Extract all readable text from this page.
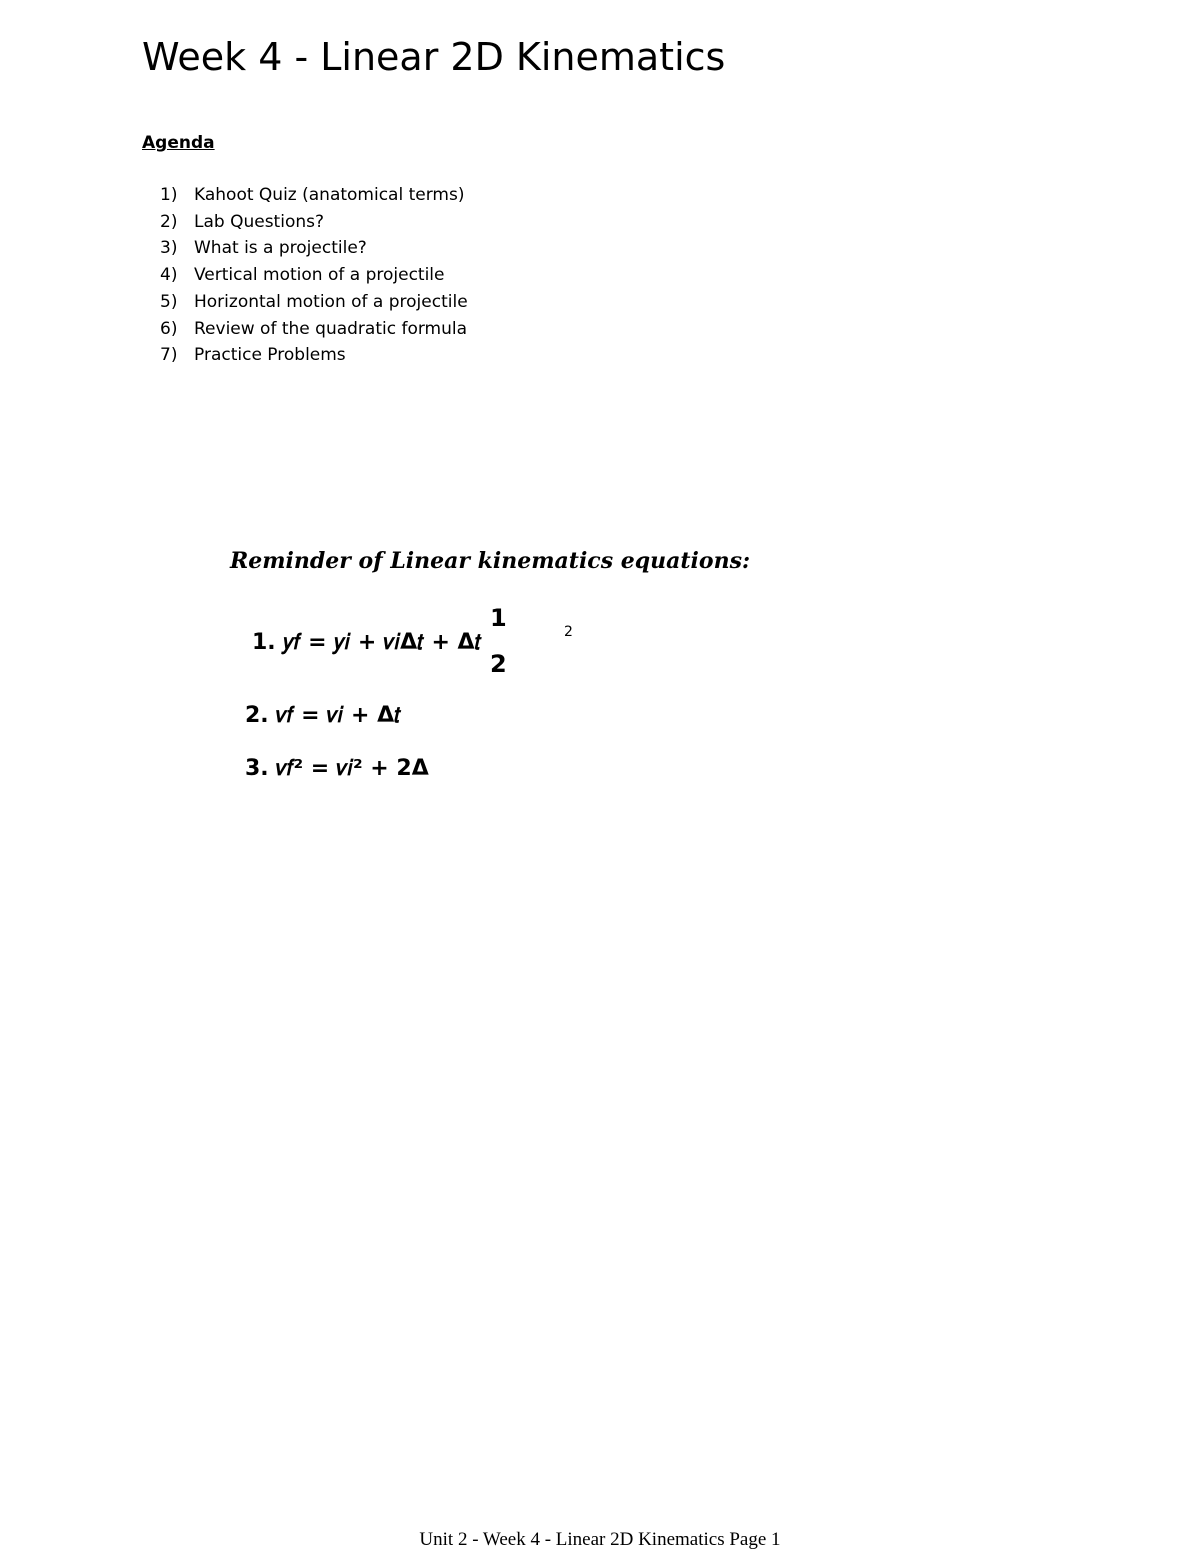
Week 4 - Linear 2D Kinematics
Agenda
1) Kahoot Quiz (anatomical terms)
2) Lab Questions?
3) What is a projectile?
4) Vertical motion of a projectile
5) Horizontal motion of a projectile
6) Review of the quadratic formula
7) Practice Problems
Reminder of Linear kinematics equations:
1. 𝑦𝑓 = 𝑦𝑖 + 𝑣𝑖Δ𝑡 + Δ𝑡
1
2
2
2. 𝑣𝑓 = 𝑣𝑖 + Δ𝑡
3. 𝑣𝑓² = 𝑣𝑖² + 2Δ
Unit 2 - Week 4 - Linear 2D Kinematics Page 1
